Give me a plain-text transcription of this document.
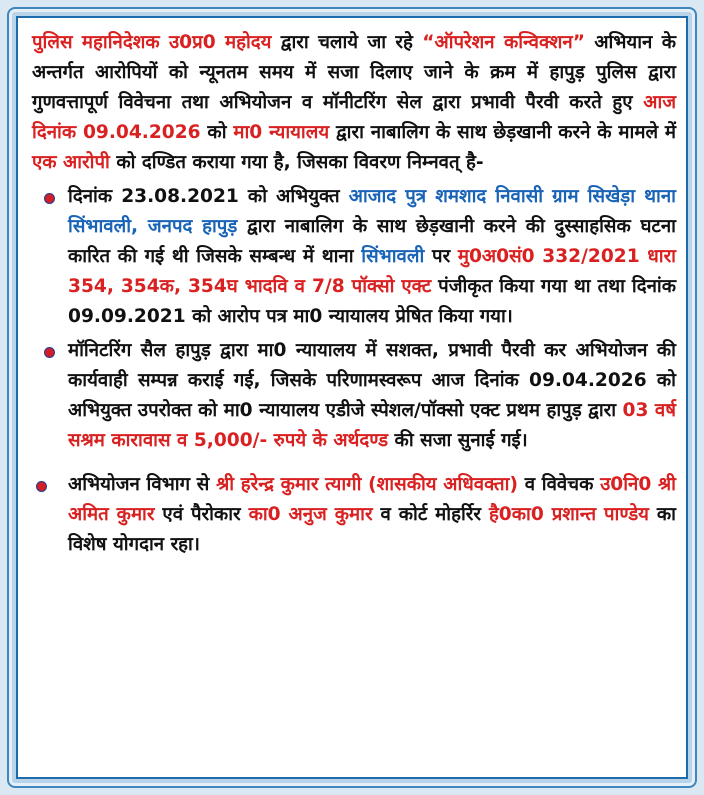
पुलिस महानिदेशक उ0प्र0 महोदय द्वारा चलाये जा रहे “ऑपरेशन कन्विक्शन” अभियान के अन्तर्गत आरोपियों को न्यूनतम समय में सजा दिलाए जाने के क्रम में हापुड़ पुलिस द्वारा गुणवत्तापूर्ण विवेचना तथा अभियोजन व मॉनीटरिंग सेल द्वारा प्रभावी पैरवी करते हुए आज दिनांक 09.04.2026 को मा0 न्यायालय द्वारा नाबालिग के साथ छेड़खानी करने के मामले में एक आरोपी को दण्डित कराया गया है, जिसका विवरण निम्नवत् है-

दिनांक 23.08.2021 को अभियुक्त आजाद पुत्र शमशाद निवासी ग्राम सिखेड़ा थाना सिंभावली, जनपद हापुड़ द्वारा नाबालिग के साथ छेड़खानी करने की दुस्साहसिक घटना कारित की गई थी जिसके सम्बन्ध में थाना सिंभावली पर मु0अ0सं0 332/2021 धारा 354, 354क, 354घ भादवि व 7/8 पॉक्सो एक्ट पंजीकृत किया गया था तथा दिनांक 09.09.2021 को आरोप पत्र मा0 न्यायालय प्रेषित किया गया।

मॉनिटरिंग सैल हापुड़ द्वारा मा0 न्यायालय में सशक्त, प्रभावी पैरवी कर अभियोजन की कार्यवाही सम्पन्न कराई गई, जिसके परिणामस्वरूप आज दिनांक 09.04.2026 को अभियुक्त उपरोक्त को मा0 न्यायालय एडीजे स्पेशल/पॉक्सो एक्ट प्रथम हापुड़ द्वारा 03 वर्ष सश्रम कारावास व 5,000/- रुपये के अर्थदण्ड की सजा सुनाई गई।

अभियोजन विभाग से श्री हरेन्द्र कुमार त्यागी (शासकीय अधिवक्ता) व विवेचक उ0नि0 श्री अमित कुमार एवं पैरोकार का0 अनुज कुमार व कोर्ट मोहर्रिर है0का0 प्रशान्त पाण्डेय का विशेष योगदान रहा।
